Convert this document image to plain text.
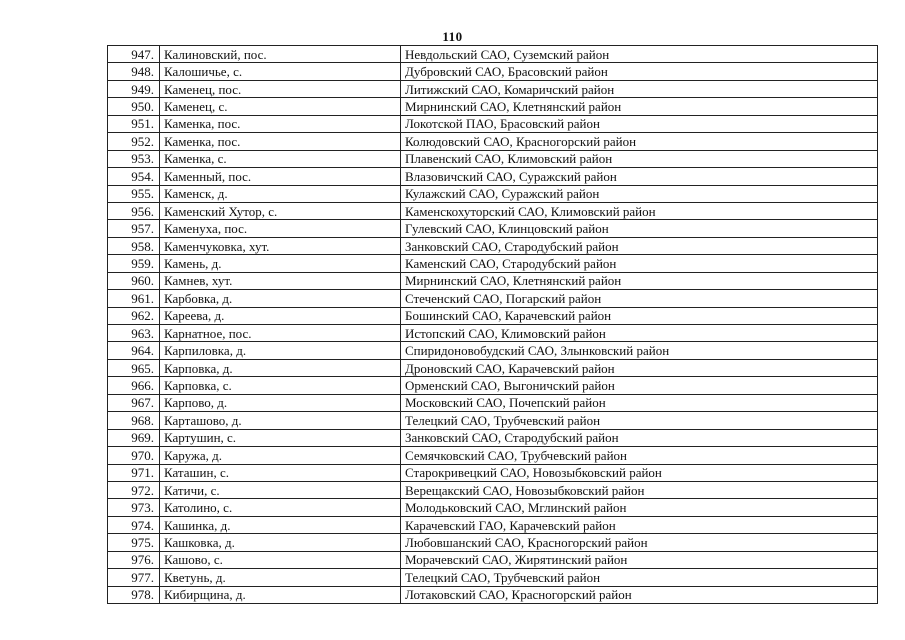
110
947.	Калиновский, пос.	Невдольский САО, Суземский район
948.	Калошичье, с.	Дубровский САО, Брасовский район
949.	Каменец, пос.	Литижский САО, Комаричский район
950.	Каменец, с.	Мирнинский САО, Клетнянский район
951.	Каменка, пос.	Локотской ПАО, Брасовский район
952.	Каменка, пос.	Колюдовский САО, Красногорский район
953.	Каменка, с.	Плавенский САО, Климовский район
954.	Каменный, пос.	Влазовичский САО, Суражский район
955.	Каменск, д.	Кулажский САО, Суражский район
956.	Каменский Хутор, с.	Каменскохуторский САО, Климовский район
957.	Каменуха, пос.	Гулевский САО, Клинцовский район
958.	Каменчуковка, хут.	Занковский САО, Стародубский район
959.	Камень, д.	Каменский САО, Стародубский район
960.	Камнев, хут.	Мирнинский САО, Клетнянский район
961.	Карбовка, д.	Стеченский САО, Погарский район
962.	Кареева, д.	Бошинский САО, Карачевский район
963.	Карнатное, пос.	Истопский САО, Климовский район
964.	Карпиловка, д.	Спиридоновобудский САО, Злынковский район
965.	Карповка, д.	Дроновский САО, Карачевский район
966.	Карповка, с.	Орменский САО, Выгоничский район
967.	Карпово, д.	Московский САО, Почепский район
968.	Карташово, д.	Телецкий САО, Трубчевский район
969.	Картушин, с.	Занковский САО, Стародубский район
970.	Каружа, д.	Семячковский САО, Трубчевский район
971.	Каташин, с.	Старокривецкий САО, Новозыбковский район
972.	Катичи, с.	Верещакский САО, Новозыбковский район
973.	Католино, с.	Молодьковский САО, Мглинский район
974.	Кашинка, д.	Карачевский ГАО, Карачевский район
975.	Кашковка, д.	Любовшанский САО, Красногорский район
976.	Кашово, с.	Морачевский САО, Жирятинский район
977.	Кветунь, д.	Телецкий САО, Трубчевский район
978.	Кибирщина, д.	Лотаковский САО, Красногорский район
